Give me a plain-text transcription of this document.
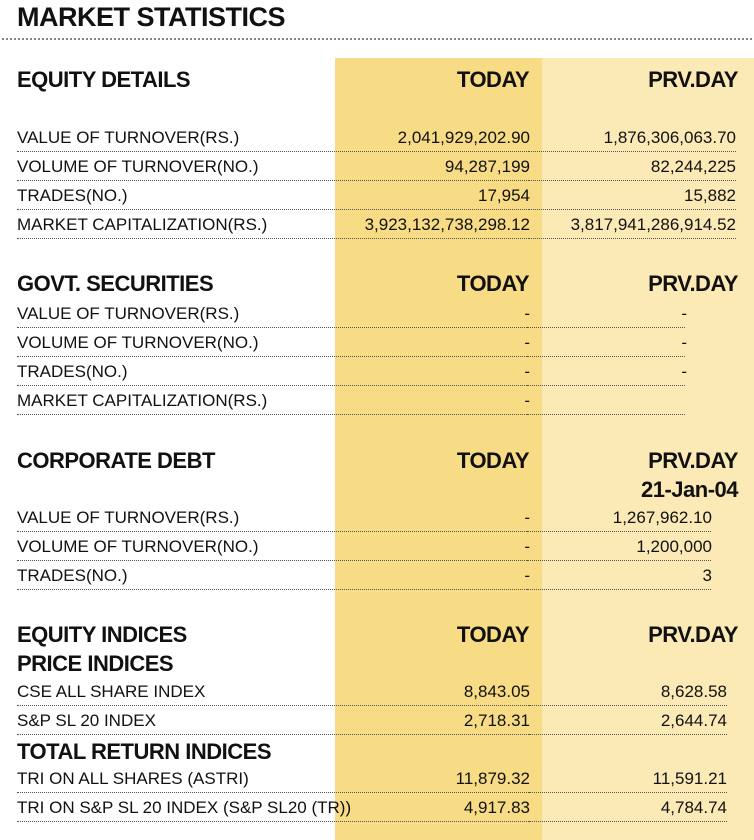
MARKET STATISTICS
EQUITY DETAILS	TODAY	PRV.DAY
VALUE OF TURNOVER(RS.)	2,041,929,202.90	1,876,306,063.70
VOLUME OF TURNOVER(NO.)	94,287,199	82,244,225
TRADES(NO.)	17,954	15,882
MARKET CAPITALIZATION(RS.)	3,923,132,738,298.12 3,817,941,286,914.52
GOVT. SECURITIES	TODAY	PRV.DAY
VALUE OF TURNOVER(RS.)	-	-
VOLUME OF TURNOVER(NO.)	-	-
TRADES(NO.)	-	-
MARKET CAPITALIZATION(RS.)	-
CORPORATE DEBT	TODAY	PRV.DAY
21-Jan-04
VALUE OF TURNOVER(RS.)	-	1,267,962.10
VOLUME OF TURNOVER(NO.)	-	1,200,000
TRADES(NO.)	-	3
EQUITY INDICES	TODAY	PRV.DAY
PRICE INDICES
CSE ALL SHARE INDEX	8,843.05	8,628.58
S&P SL 20 INDEX	2,718.31	2,644.74
TOTAL RETURN INDICES
TRI ON ALL SHARES (ASTRI)	11,879.32	11,591.21
TRI ON S&P SL 20 INDEX (S&P SL20 (TR))	4,917.83	4,784.74
